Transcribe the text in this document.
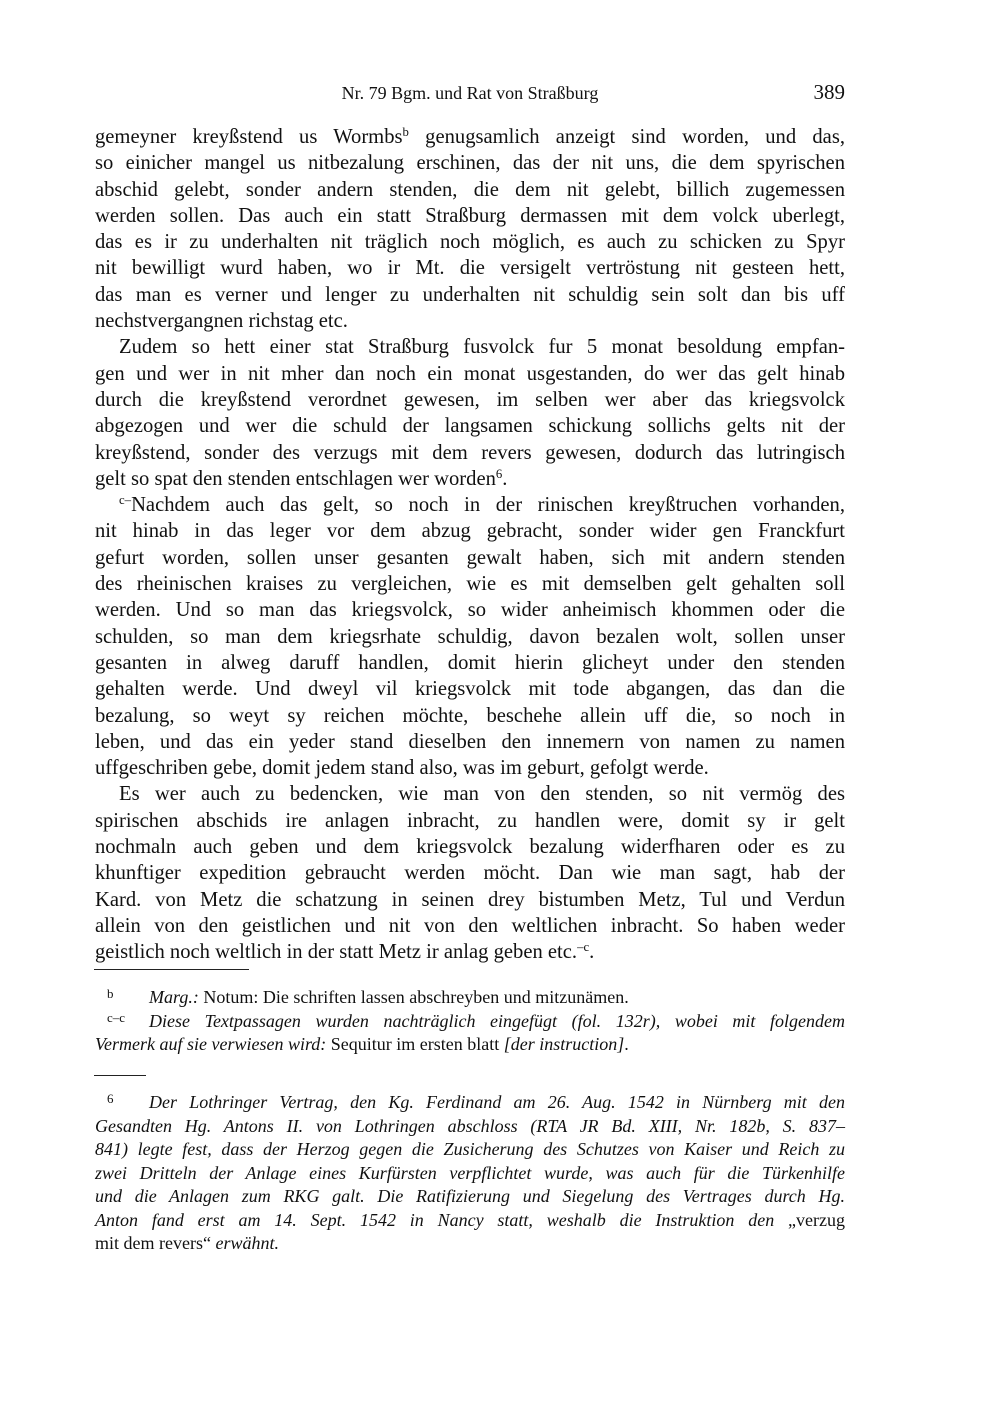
Nr. 79 Bgm. und Rat von Straßburg	389
gemeyner kreyßstend us Wormbs$^b$ genugsamlich anzeigt sind worden, und das,
so einicher mangel us nitbezalung erschinen, das der nit uns, die dem spyrischen
abschid gelebt, sonder andern stenden, die dem nit gelebt, billich zugemessen
werden sollen. Das auch ein statt Straßburg dermassen mit dem volck uberlegt,
das es ir zu underhalten nit träglich noch möglich, es auch zu schicken zu Spyr
nit bewilligt wurd haben, wo ir Mt. die versigelt vertröstung nit gesteen hett,
das man es verner und lenger zu underhalten nit schuldig sein solt dan bis uff
nechstvergangnen richstag etc.
Zudem so hett einer stat Straßburg fusvolck fur 5 monat besoldung empfan-
gen und wer in nit mher dan noch ein monat usgestanden, do wer das gelt hinab
durch die kreyßstend verordnet gewesen, im selben wer aber das kriegsvolck
abgezogen und wer die schuld der langsamen schickung sollichs gelts nit der
kreyßstend, sonder des verzugs mit dem revers gewesen, dodurch das lutringisch
gelt so spat den stenden entschlagen wer worden$^6$.
$^{c-}$Nachdem auch das gelt, so noch in der rinischen kreyßtruchen vorhanden,
nit hinab in das leger vor dem abzug gebracht, sonder wider gen Franckfurt
gefurt worden, sollen unser gesanten gewalt haben, sich mit andern stenden
des rheinischen kraises zu vergleichen, wie es mit demselben gelt gehalten soll
werden. Und so man das kriegsvolck, so wider anheimisch khommen oder die
schulden, so man dem kriegsrhate schuldig, davon bezalen wolt, sollen unser
gesanten in alweg daruff handlen, domit hierin glicheyt under den stenden
gehalten werde. Und dweyl vil kriegsvolck mit tode abgangen, das dan die
bezalung, so weyt sy reichen möchte, beschehe allein uff die, so noch in
leben, und das ein yeder stand dieselben den innemern von namen zu namen
uffgeschriben gebe, domit jedem stand also, was im geburt, gefolgt werde.
Es wer auch zu bedencken, wie man von den stenden, so nit vermög des
spirischen abschids ire anlagen inbracht, zu handlen were, domit sy ir gelt
nochmaln auch geben und dem kriegsvolck bezalung widerfharen oder es zu
khunftiger expedition gebraucht werden möcht. Dan wie man sagt, hab der
Kard. von Metz die schatzung in seinen drey bistumben Metz, Tul und Verdun
allein von den geistlichen und nit von den weltlichen inbracht. So haben weder
geistlich noch weltlich in der statt Metz ir anlag geben etc.$^{-c}$.
b Marg.: Notum: Die schriften lassen abschreyben und mitzunämen.
c–c Diese Textpassagen wurden nachträglich eingefügt (fol. 132r), wobei mit folgendem
Vermerk auf sie verwiesen wird: Sequitur im ersten blatt [der instruction].
6 Der Lothringer Vertrag, den Kg. Ferdinand am 26. Aug. 1542 in Nürnberg mit den
Gesandten Hg. Antons II. von Lothringen abschloss (RTA JR Bd. XIII, Nr. 182b, S. 837–
841) legte fest, dass der Herzog gegen die Zusicherung des Schutzes von Kaiser und Reich zu
zwei Dritteln der Anlage eines Kurfürsten verpflichtet wurde, was auch für die Türkenhilfe
und die Anlagen zum RKG galt. Die Ratifizierung und Siegelung des Vertrages durch Hg.
Anton fand erst am 14. Sept. 1542 in Nancy statt, weshalb die Instruktion den „verzug
mit dem revers“ erwähnt.
